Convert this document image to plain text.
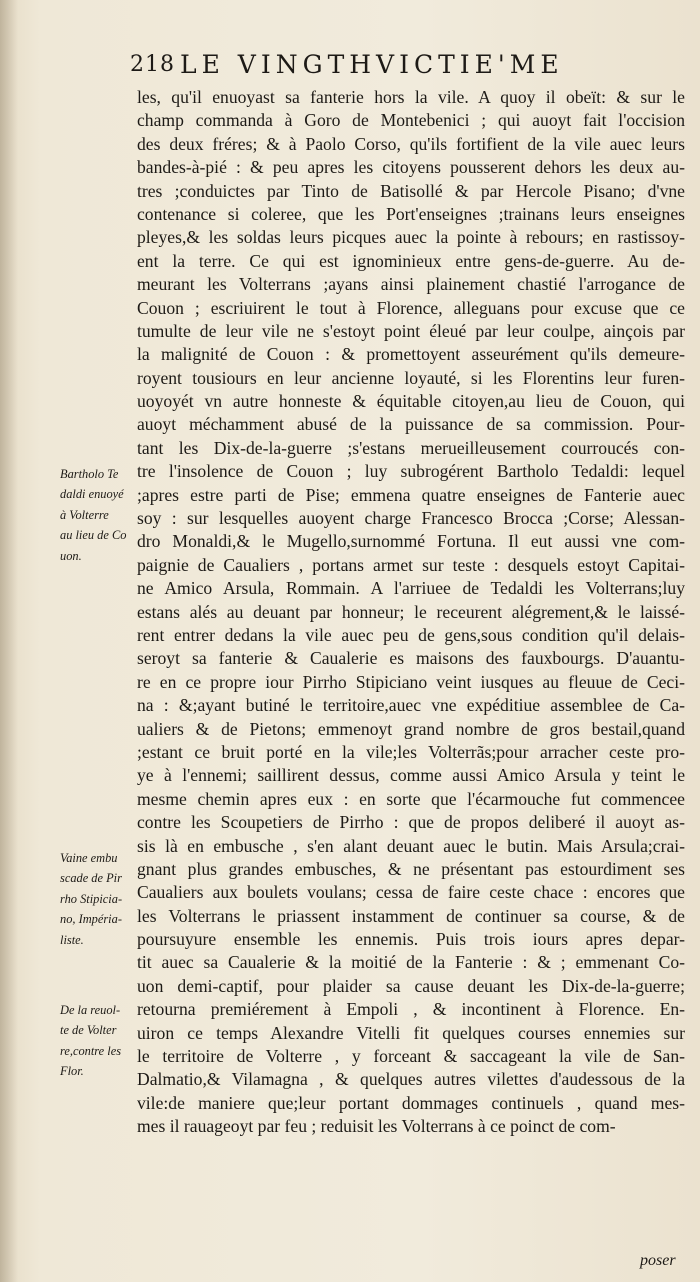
218 LE VINGTHVICTIE'ME
les, qu'il enuoyast sa fanterie hors la vile. A quoy il obeït: & sur le
champ commanda à Goro de Montebenici ; qui auoyt fait l'occision
des deux fréres; & à Paolo Corso, qu'ils fortifient de la vile auec leurs
bandes-à-pié : & peu apres les citoyens pousserent dehors les deux au-
tres ;conduictes par Tinto de Batisollé & par Hercole Pisano; d'vne
contenance si coleree, que les Port'enseignes ;trainans leurs enseignes
pleyes,& les soldas leurs picques auec la pointe à rebours; en rastissoy-
ent la terre. Ce qui est ignominieux entre gens-de-guerre. Au de-
meurant les Volterrans ;ayans ainsi plainement chastié l'arrogance de
Couon ; escriuirent le tout à Florence, alleguans pour excuse que ce
tumulte de leur vile ne s'estoyt point éleué par leur coulpe, ainçois par
la malignité de Couon : & promettoyent asseurément qu'ils demeure-
royent tousiours en leur ancienne loyauté, si les Florentins leur furen-
uoyoyét vn autre honneste & équitable citoyen,au lieu de Couon, qui
auoyt méchamment abusé de la puissance de sa commission. Pour-
tant les Dix-de-la-guerre ;s'estans merueilleusement courroucés con-
tre l'insolence de Couon ; luy subrogérent Bartholo Tedaldi: lequel
;apres estre parti de Pise; emmena quatre enseignes de Fanterie auec
soy : sur lesquelles auoyent charge Francesco Brocca ;Corse; Alessan-
dro Monaldi,& le Mugello,surnommé Fortuna. Il eut aussi vne com-
paignie de Caualiers , portans armet sur teste : desquels estoyt Capitai-
ne Amico Arsula, Rommain. A l'arriuee de Tedaldi les Volterrans;luy
estans alés au deuant par honneur; le receurent alégrement,& le laissé-
rent entrer dedans la vile auec peu de gens,sous condition qu'il delais-
seroyt sa fanterie & Caualerie es maisons des fauxbourgs. D'auantu-
re en ce propre iour Pirrho Stipiciano veint iusques au fleuue de Ceci-
na : &;ayant butiné le territoire,auec vne expéditiue assemblee de Ca-
ualiers & de Pietons; emmenoyt grand nombre de gros bestail,quand
;estant ce bruit porté en la vile;les Volterrãs;pour arracher ceste pro-
ye à l'ennemi; saillirent dessus, comme aussi Amico Arsula y teint le
mesme chemin apres eux : en sorte que l'écarmouche fut commencee
contre les Scoupetiers de Pirrho : que de propos deliberé il auoyt as-
sis là en embusche , s'en alant deuant auec le butin. Mais Arsula;crai-
gnant plus grandes embusches, & ne présentant pas estourdiment ses
Caualiers aux boulets voulans; cessa de faire ceste chace : encores que
les Volterrans le priassent instamment de continuer sa course, & de
poursuyure ensemble les ennemis. Puis trois iours apres depar-
tit auec sa Caualerie & la moitié de la Fanterie : & ; emmenant Co-
uon demi-captif, pour plaider sa cause deuant les Dix-de-la-guerre;
retourna premiérement à Empoli , & incontinent à Florence. En-
uiron ce temps Alexandre Vitelli fit quelques courses ennemies sur
le territoire de Volterre , y forceant & saccageant la vile de San-
Dalmatio,& Vilamagna , & quelques autres vilettes d'audessous de la
vile:de maniere que;leur portant dommages continuels , quand mes-
mes il rauageoyt par feu ; reduisit les Volterrans à ce poinct de com-
Bartholo Te
daldi enuoyé
à Volterre
au lieu de Co
uon.
Vaine embu
scade de Pir
rho Stipicia-
no, Impéria-
liste.
De la reuol-
te de Volter
re,contre les
Flor.
poser
